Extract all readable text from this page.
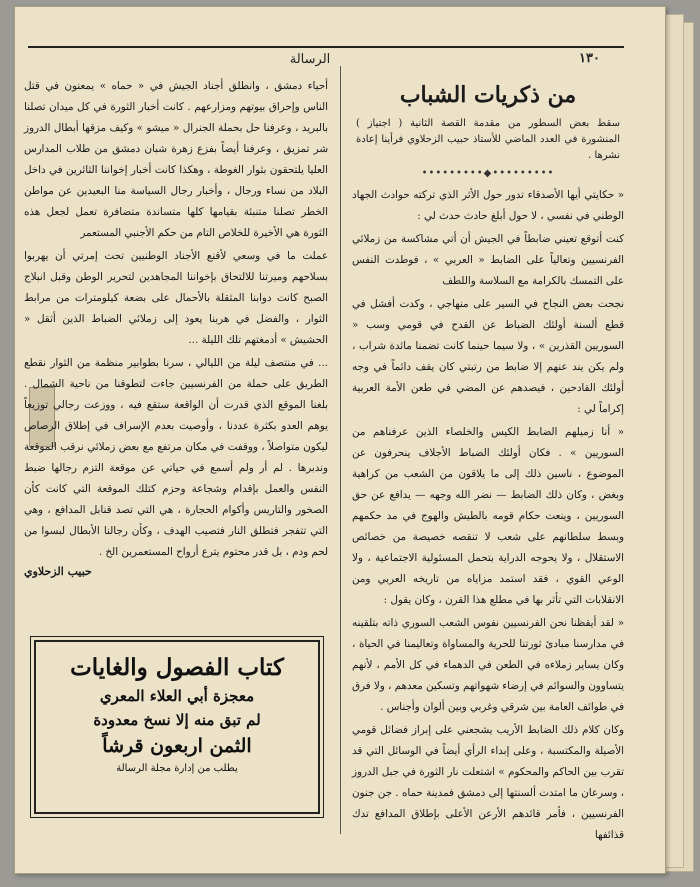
١٣٠
الرسالة
من ذكريات الشباب
سقط بعض السطور من مقدمة القصة الثانية ( اجتياز ) المنشورة في العدد الماضي للأستاذ حبيب الزحلاوي فرأينا إعادة نشرها .
•••••••••◆•••••••••

« حكايتي أيها الأصدقاء تدور حول الأثر الذي تركته حوادث الجهاد الوطني في نفسي ، لا حول أبلغ حادث حدث لي :

كنت أتوقع تعيني ضابطاً في الجيش أن أتي مشاكسة من زملائي الفرنسيين وتعالياً على الضابط « العربي » ، فوطدت النفس على التمسك بالكرامة مع السلاسة واللطف

نجحت بعض النجاح في السير على منهاجي ، وكدت أفشل في قطع ألسنة أولئك الضباط عن القدح في قومي وسب « السوريين القذرين » ، ولا سيما حينما كانت تضمنا مائدة شراب ، ولم يكن يند عنهم إلا ضابط من رتبتي كان يقف دائماً في وجه أولئك القادحين ، فيصدهم عن المضي في طعن الأمة العربية إكراماً لي :

« أنا زميلهم الضابط الكيس والخلصاء الذين عرفناهم من السوريين » . فكان أولئك الضباط الأجلاف ينحرفون عن الموضوع ، ناسين ذلك إلى ما يلاقون من الشعب من كراهية وبغض ، وكان ذلك الضابط — نضر الله وجهه — يدافع عن حق السوريين ، وينعت حكام قومه بالطيش والهوج في مد حكمهم وبسط سلطانهم على شعب لا تنقصه خصيصة من خصائص الاستقلال ، ولا يحوجه الدراية بتحمل المسئولية الاجتماعية ، ولا الوعي القوي ، فقد استمد مزاياه من تاريخه العربي ومن الانقلابات التي تأثر بها في مطلع هذا القرن ، وكان يقول :

« لقد أيقظنا نحن الفرنسيين نفوس الشعب السوري ذاته بتلقينه في مدارسنا مبادئ ثورتنا للحرية والمساواة وتعاليمنا في الحياة ، وكان يساير زملاءه في الطعن في الدهماء في كل الأمم ، لأنهم يتساوون والسوائم في إرضاء شهواتهم وتسكين معدهم ، ولا فرق في طوائف العامة بين شرقي وغربي وبين ألوان وأجناس .

وكان كلام ذلك الضابط الأريب يشجعني على إبراز فضائل قومي الأصيلة والمكتسبة ، وعلى إبداء الرأي أيضاً في الوسائل التي قد تقرب بين الحاكم والمحكوم » اشتعلت نار الثورة في جبل الدروز ، وسرعان ما امتدت ألسنتها إلى دمشق فمدينة حماه . جن جنون الفرنسيين ، فأمر قائدهم الأرعن الأعلى بإطلاق المدافع تدك قذائفها

أحياء دمشق ، وانطلق أجناد الجيش في « حماه » يمعنون في قتل الناس وإحراق بيوتهم ومزارعهم . كانت أخبار الثورة في كل ميدان تصلنا بالبريد ، وعرفنا حل بحملة الجنرال « ميشو » وكيف مزقها أبطال الدروز شر تمزيق ، وعرفنا أيضاً بفزع زهرة شبان دمشق من طلاب المدارس العليا يلتحقون بثوار الغوطة ، وهكذا كانت أخبار إخواننا الثائرين في داخل البلاد من نساء ورجال ، وأخبار رجال السياسة منا البعيدين عن مواطن الخطر تصلنا متنبئة بقيامها كلها متساندة متضافرة تعمل لجعل هذه الثورة هي الأخيرة للخلاص التام من حكم الأجنبي المستعمر

عملت ما في وسعي لأقنع الأجناد الوطنيين تحت إمرتي أن يهربوا بسلاحهم وميرتنا للالتحاق بإخواننا المجاهدين لتحرير الوطن وقبل انبلاج الصبح كانت دوابنا المثقلة بالأحمال على بضعة كيلومترات من مرابط الثوار ، والفضل في هربنا يعود إلى زملائي الضباط الذين أثقل « الحشيش » أدمغتهم تلك الليلة ...

... في منتصف ليلة من الليالي ، سرنا بطوابير منظمة من الثوار نقطع الطريق على حملة من الفرنسيين جاءت لتطوقنا من ناحية الشمال . بلغنا الموقع الذي قدرت أن الواقعة ستقع فيه ، ووزعت رجالي توزيعاً يوهم العدو بكثرة عددنا ، وأوصيت بعدم الإسراف في إطلاق الرصاص ليكون متواصلاً ، ووقفت في مكان مرتفع مع بعض زملائي نرقب الموقعة وندبرها . لم أر ولم أسمع في حياتي عن موقعة التزم رجالها ضبط النفس والعمل بإقدام وشجاعة وحزم كتلك الموقعة التي كانت كأن الصخور والتاريس وأكوام الحجارة ، هي التي تصد قنابل المدافع ، وهي التي تتفجر فتطلق النار فتصيب الهدف ، وكأن رجالنا الأبطال لبسوا من لحم ودم ، بل قدر محتوم يترع أرواح المستعمرين الخ .

حبيب الزحلاوي
كتاب الفصول والغايات
معجزة أبي العلاء المعري
لم تبق منه إلا نسخ معدودة
الثمن اربعون قرشاً
يطلب من إدارة مجلة الرسالة
